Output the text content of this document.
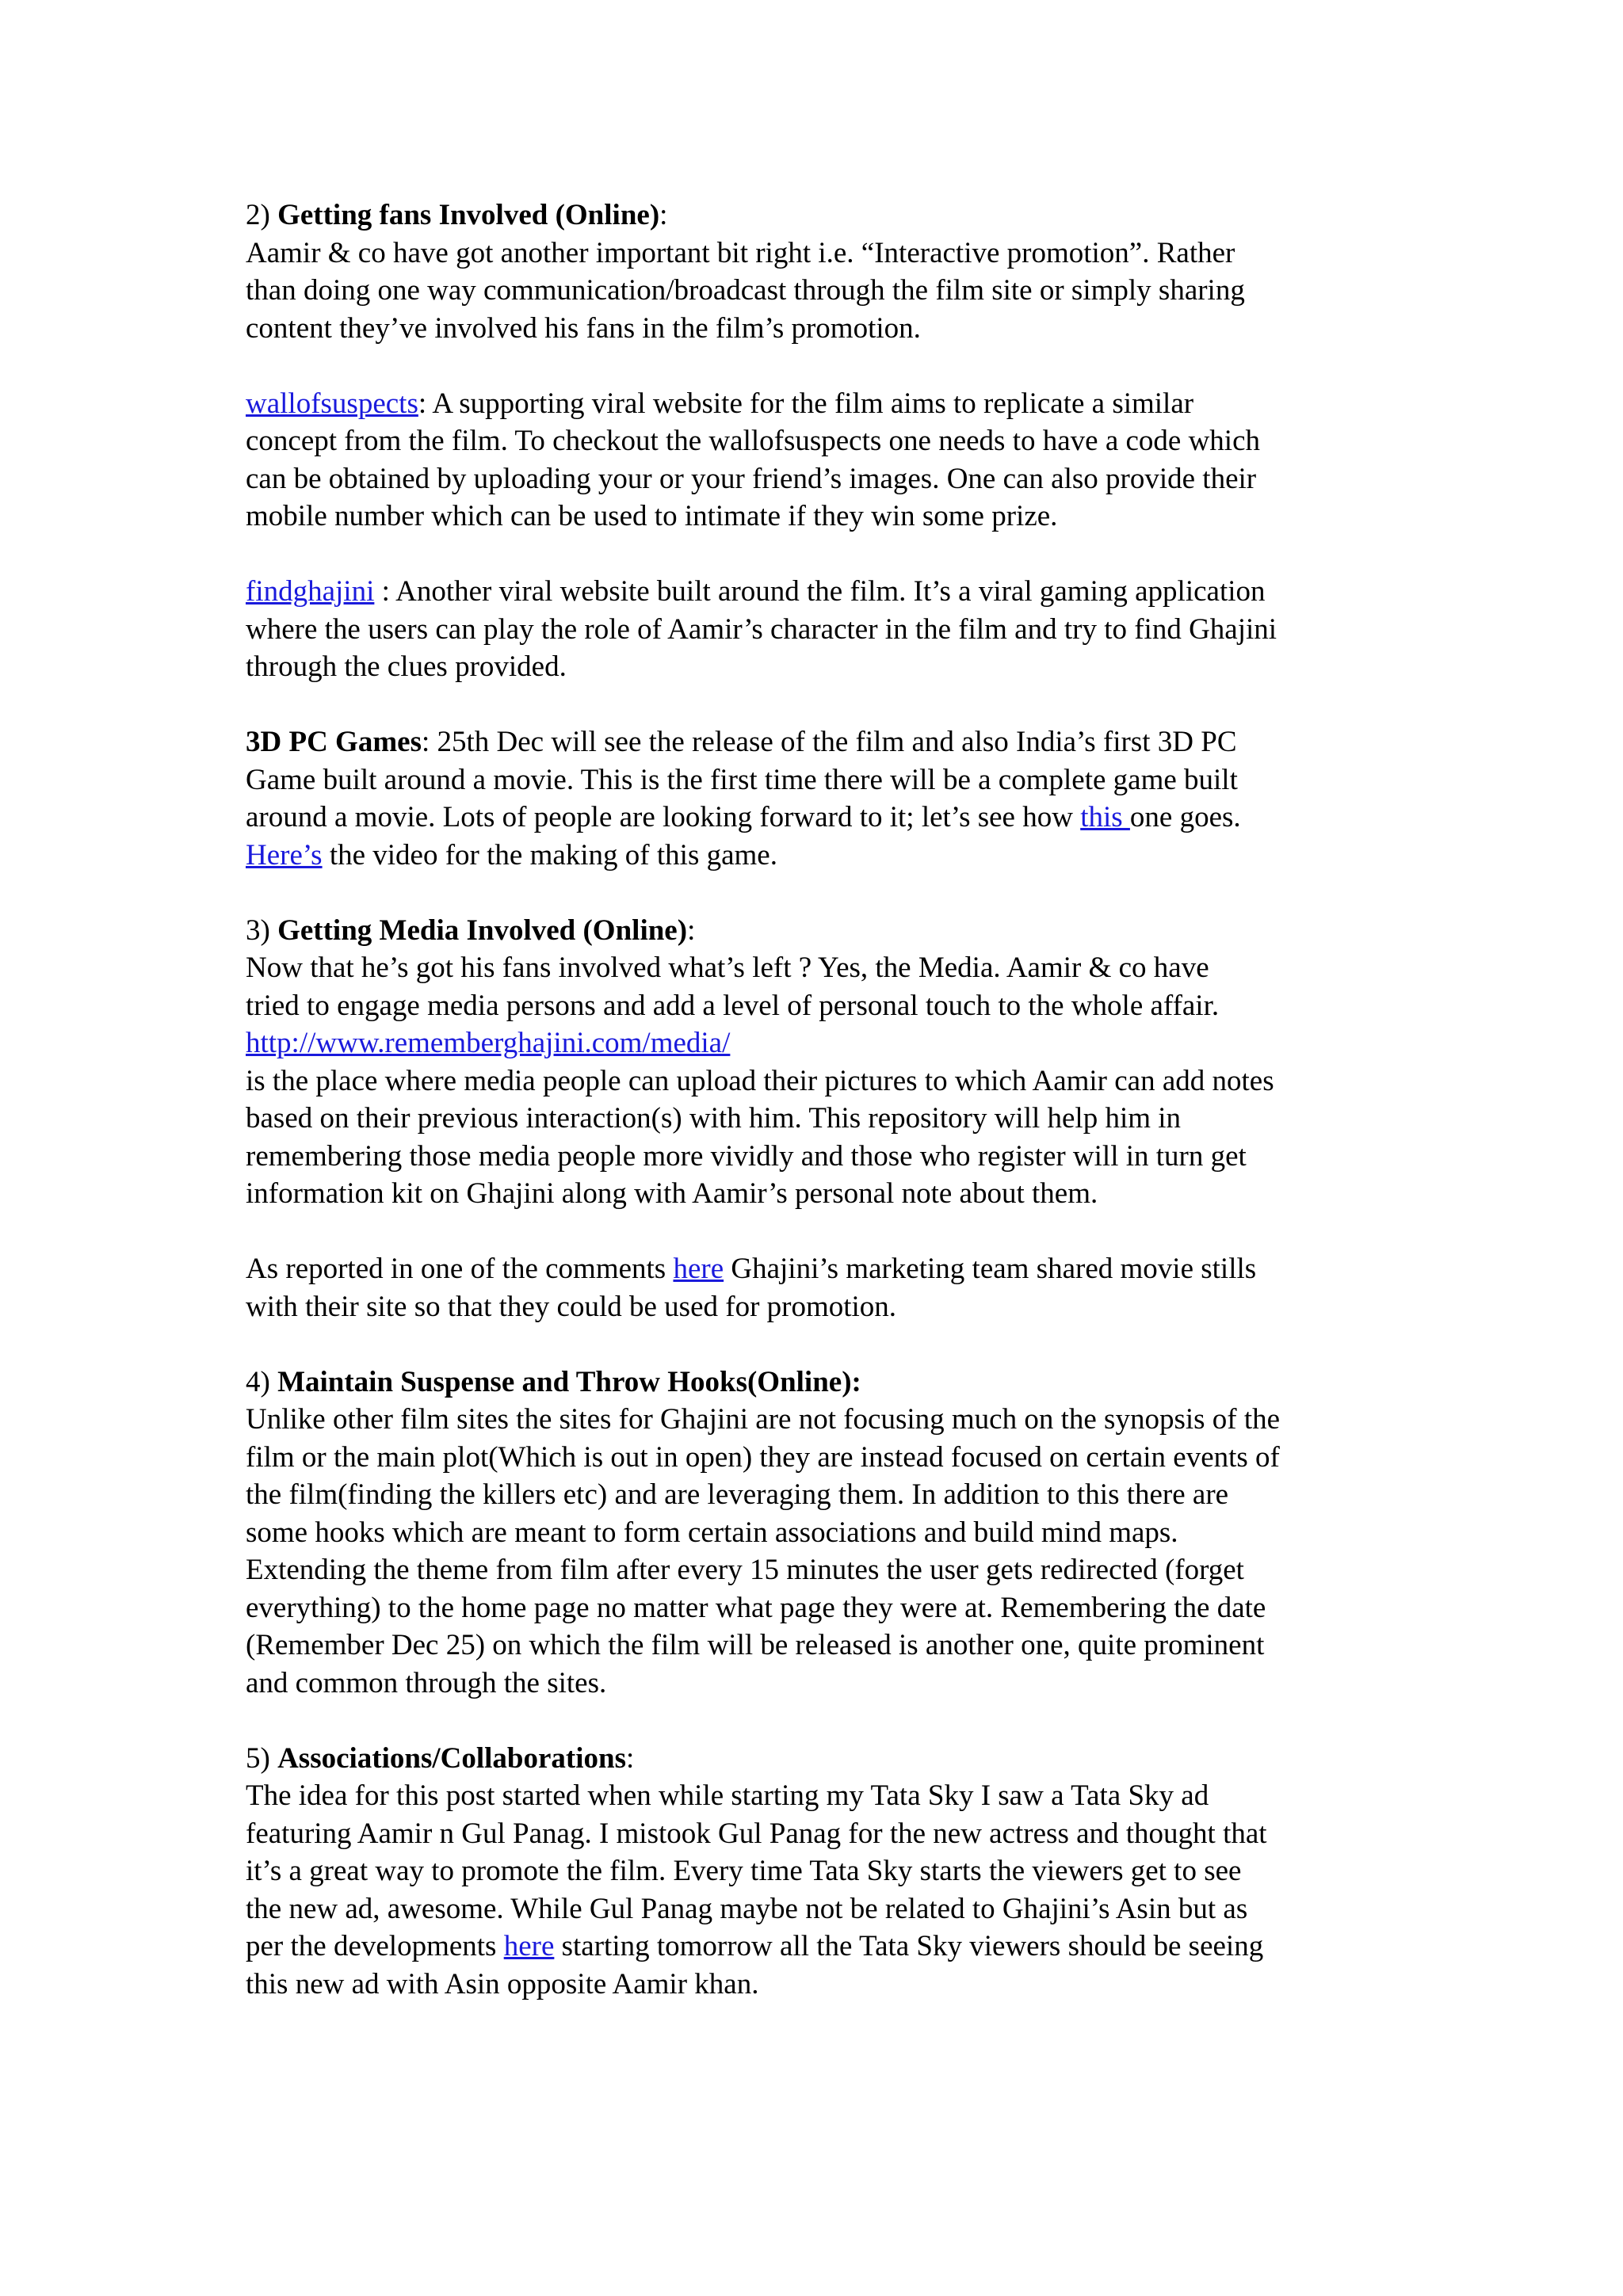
2) Getting fans Involved (Online):
Aamir & co have got another important bit right i.e. “Interactive promotion”. Rather
than doing one way communication/broadcast through the film site or simply sharing
content they’ve involved his fans in the film’s promotion.
wallofsuspects: A supporting viral website for the film aims to replicate a similar
concept from the film. To checkout the wallofsuspects one needs to have a code which
can be obtained by uploading your or your friend’s images. One can also provide their
mobile number which can be used to intimate if they win some prize.
findghajini : Another viral website built around the film. It’s a viral gaming application
where the users can play the role of Aamir’s character in the film and try to find Ghajini
through the clues provided.
3D PC Games: 25th Dec will see the release of the film and also India’s first 3D PC
Game built around a movie. This is the first time there will be a complete game built
around a movie. Lots of people are looking forward to it; let’s see how this one goes.
Here’s the video for the making of this game.
3) Getting Media Involved (Online):
Now that he’s got his fans involved what’s left ? Yes, the Media. Aamir & co have
tried to engage media persons and add a level of personal touch to the whole affair.
http://www.rememberghajini.com/media/
is the place where media people can upload their pictures to which Aamir can add notes
based on their previous interaction(s) with him. This repository will help him in
remembering those media people more vividly and those who register will in turn get
information kit on Ghajini along with Aamir’s personal note about them.
As reported in one of the comments here Ghajini’s marketing team shared movie stills
with their site so that they could be used for promotion.
4) Maintain Suspense and Throw Hooks(Online):
Unlike other film sites the sites for Ghajini are not focusing much on the synopsis of the
film or the main plot(Which is out in open) they are instead focused on certain events of
the film(finding the killers etc) and are leveraging them. In addition to this there are
some hooks which are meant to form certain associations and build mind maps.
Extending the theme from film after every 15 minutes the user gets redirected (forget
everything) to the home page no matter what page they were at. Remembering the date
(Remember Dec 25) on which the film will be released is another one, quite prominent
and common through the sites.
5) Associations/Collaborations:
The idea for this post started when while starting my Tata Sky I saw a Tata Sky ad
featuring Aamir n Gul Panag. I mistook Gul Panag for the new actress and thought that
it’s a great way to promote the film. Every time Tata Sky starts the viewers get to see
the new ad, awesome. While Gul Panag maybe not be related to Ghajini’s Asin but as
per the developments here starting tomorrow all the Tata Sky viewers should be seeing
this new ad with Asin opposite Aamir khan.
